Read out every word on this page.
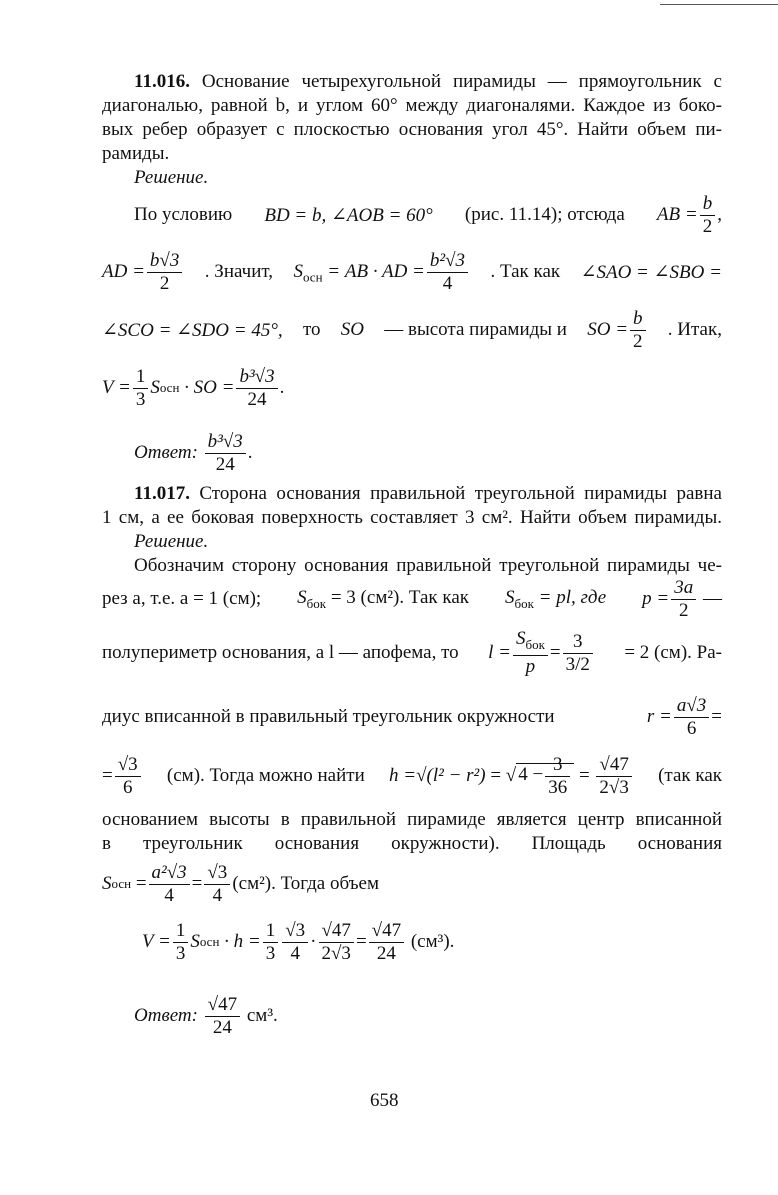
11.016. Основание четырехугольной пирамиды — прямоугольник с
диагональю, равной b, и углом 60° между диагоналями. Каждое из боко-
вых ребер образует с плоскостью основания угол 45°. Найти объем пи-
рамиды.
Решение.
По условию BD = b, ∠AOB = 60° (рис. 11.14); отсюда AB = $\frac{b}{2}$ ,
AD = $\frac{b√3}{2}$ . Значит, $S_{осн}$ = AB · AD = $\frac{\text{b²√3}}{4}$ . Так как ∠SAO = ∠SBO =
∠SCO = ∠SDO = 45°, то SO — высота пирамиды и SO = $\frac{b}{2}$ . Итак,
$V = \frac{1}{3}$ S осн
· SO = $\frac{\text{b³√3}}{24}$ .
Ответ:
$\frac{\text{b³√3}}{24}$ .
11.017. Сторона основания правильной треугольной пирамиды равна
1 см, а ее боковая поверхность составляет 3 см². Найти объем пирамиды.
Решение.
Обозначим сторону основания правильной треугольной пирамиды че-
рез a, т.е. a = 1 (см); $S_{бок} = 3$ (см²). Так как $S_{бок}$ = pl, где $p = \frac{3a}{2}$ —
полупериметр основания, а l — апофема, то $l = \frac{S_{бок}}{p} = \frac{3}{3/2} = 2$ (см). Ра-
диус вписанной в правильный треугольник окружности	$r = \frac{a√3}{6}$ =
= $\frac{√3}{6} (см)$. Тогда можно найти h =√(l² − r²) = √ $4 - \frac{3}{36} = \frac{√47}{2√3} (так$ как
основанием высоты в правильной пирамиде является центр вписанной
в треугольник основания окружности). Площадь основания
S осн = $\frac{\text{a²√3}}{4} = \frac{√3}{4} (см^2)$. Тогда объем
$V = \frac{1}{3}$ S осн
· $h = \frac{1}{3} \frac{√3}{4} \cdot \frac{√47}{2√3} = \frac{√47}{24}$
(см³).
Ответ:
$\frac{√47}{24}$
см³.
658
